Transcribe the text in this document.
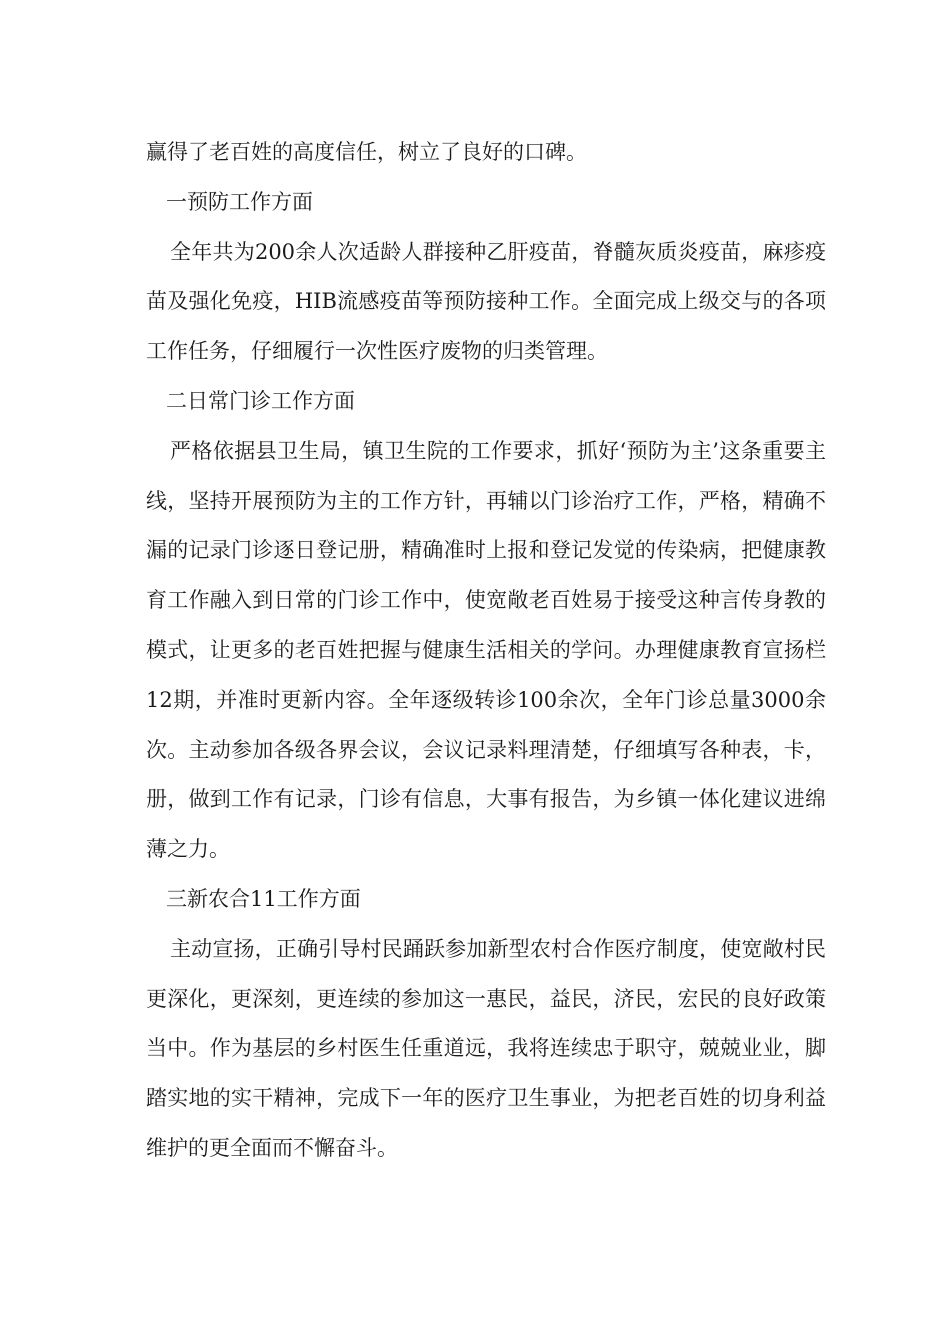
赢得了老百姓的高度信任，树立了良好的口碑。

一预防工作方面

全年共为200余人次适龄人群接种乙肝疫苗，脊髓灰质炎疫苗，麻疹疫苗及强化免疫，HIB流感疫苗等预防接种工作。全面完成上级交与的各项工作任务，仔细履行一次性医疗废物的归类管理。

二日常门诊工作方面

严格依据县卫生局，镇卫生院的工作要求，抓好‘预防为主’这条重要主线，坚持开展预防为主的工作方针，再辅以门诊治疗工作，严格，精确不漏的记录门诊逐日登记册，精确准时上报和登记发觉的传染病，把健康教育工作融入到日常的门诊工作中，使宽敞老百姓易于接受这种言传身教的模式，让更多的老百姓把握与健康生活相关的学问。办理健康教育宣扬栏12期，并准时更新内容。全年逐级转诊100余次，全年门诊总量3000余次。主动参加各级各界会议，会议记录料理清楚，仔细填写各种表，卡，册，做到工作有记录，门诊有信息，大事有报告，为乡镇一体化建议进绵薄之力。

三新农合11工作方面

主动宣扬，正确引导村民踊跃参加新型农村合作医疗制度，使宽敞村民更深化，更深刻，更连续的参加这一惠民，益民，济民，宏民的良好政策当中。作为基层的乡村医生任重道远，我将连续忠于职守，兢兢业业，脚踏实地的实干精神，完成下一年的医疗卫生事业，为把老百姓的切身利益维护的更全面而不懈奋斗。
